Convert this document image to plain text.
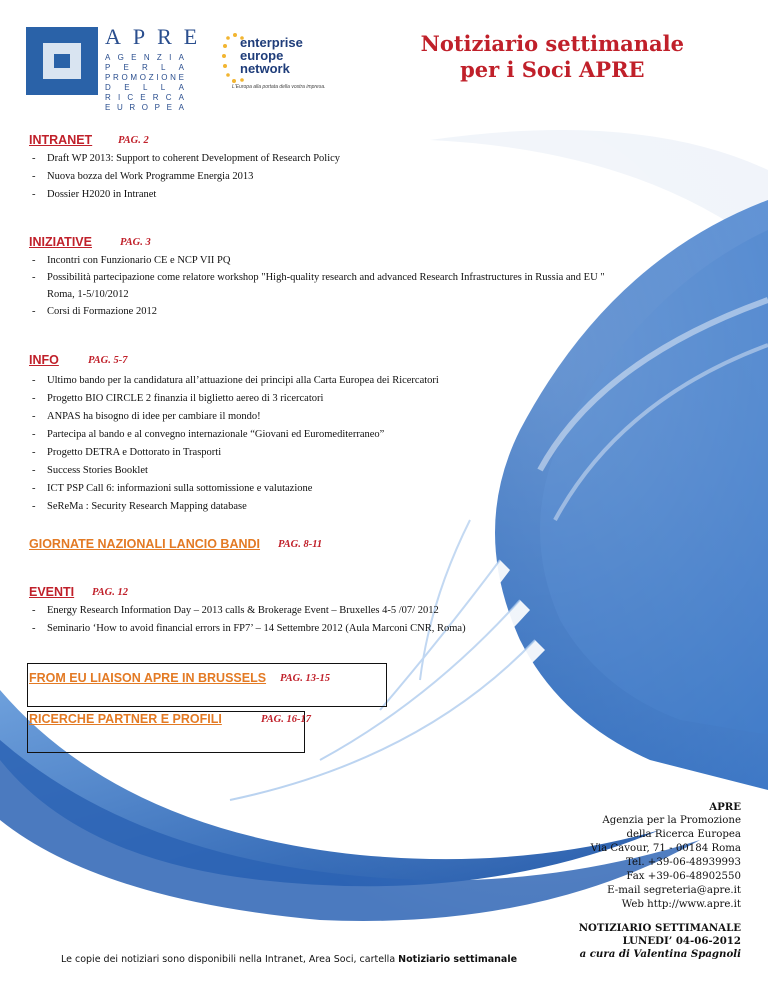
APRE
A G E N Z I A
P E R L A
P R O M O Z I O N E
D E L L A
R I C E R C A
E U R O P E A
enterprise
europe
network
L'Europa alla portata della vostra impresa.
Notiziario settimanale
per i Soci APRE
INTRANET PAG. 2
- Draft WP 2013: Support to coherent Development of Research Policy
- Nuova bozza del Work Programme Energia 2013
- Dossier H2020 in Intranet
INIZIATIVE	PAG. 3
- Incontri con Funzionario CE e NCP VII PQ
- Possibilità partecipazione come relatore workshop "High-quality research and advanced Research Infrastructures in Russia and EU "
Roma, 1-5/10/2012
- Corsi di Formazione 2012
INFO	PAG. 5-7
- Ultimo bando per la candidatura all’attuazione dei principi alla Carta Europea dei Ricercatori
- Progetto BIO CIRCLE 2 finanzia il biglietto aereo di 3 ricercatori
- ANPAS ha bisogno di idee per cambiare il mondo!
- Partecipa al bando e al convegno internazionale “Giovani ed Euromediterraneo”
- Progetto DETRA e Dottorato in Trasporti
- Success Stories Booklet
- ICT PSP Call 6: informazioni sulla sottomissione e valutazione
- SeReMa : Security Research Mapping database
GIORNATE NAZIONALI LANCIO BANDI PAG. 8-11
EVENTI PAG. 12
- Energy Research Information Day – 2013 calls & Brokerage Event – Bruxelles 4-5 /07/ 2012
- Seminario ‘How to avoid financial errors in FP7’ – 14 Settembre 2012 (Aula Marconi CNR, Roma)
FROM EU LIAISON APRE IN BRUSSELS PAG. 13-15
RICERCHE PARTNER E PROFILI	PAG. 16-17
APRE
Agenzia per la Promozione
della Ricerca Europea
Via Cavour, 71 - 00184 Roma
Tel. +39-06-48939993
Fax +39-06-48902550
E-mail segreteria@apre.it
Web http://www.apre.it
NOTIZIARIO SETTIMANALE
LUNEDI’ 04-06-2012
a cura di Valentina Spagnoli
Le copie dei notiziari sono disponibili nella Intranet, Area Soci, cartella Notiziario settimanale
